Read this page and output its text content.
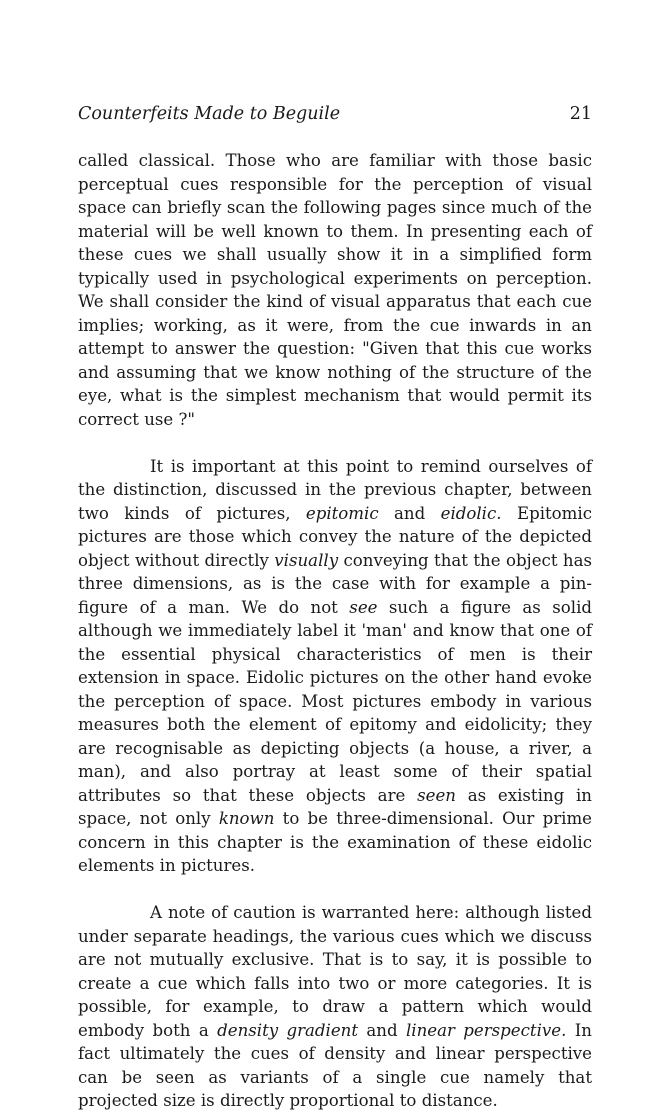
Counterfeits Made to Beguile	21

called classical. Those who are familiar with those basic perceptual cues responsible for the perception of visual space can briefly scan the following pages since much of the material will be well known to them. In presenting each of these cues we shall usually show it in a simplified form typically used in psychological experiments on perception. We shall consider the kind of visual apparatus that each cue implies; working, as it were, from the cue inwards in an attempt to answer the question: "Given that this cue works and assuming that we know nothing of the structure of the eye, what is the simplest mechanism that would permit its correct use ?"

It is important at this point to remind ourselves of the distinction, discussed in the previous chapter, between two kinds of pictures, epitomic and eidolic. Epitomic pictures are those which convey the nature of the depicted object without directly visually conveying that the object has three dimensions, as is the case with for example a pin-figure of a man. We do not see such a figure as solid although we immediately label it 'man' and know that one of the essential physical characteristics of men is their extension in space. Eidolic pictures on the other hand evoke the perception of space. Most pictures embody in various measures both the element of epitomy and eidolicity; they are recognisable as depicting objects (a house, a river, a man), and also portray at least some of their spatial attributes so that these objects are seen as existing in space, not only known to be three-dimensional. Our prime concern in this chapter is the examination of these eidolic elements in pictures.

A note of caution is warranted here: although listed under separate headings, the various cues which we discuss are not mutually exclusive. That is to say, it is possible to create a cue which falls into two or more categories. It is possible, for example, to draw a pattern which would embody both a density gradient and linear perspective. In fact ultimately the cues of density and linear perspective can be seen as variants of a single cue namely that projected size is directly proportional to distance.
